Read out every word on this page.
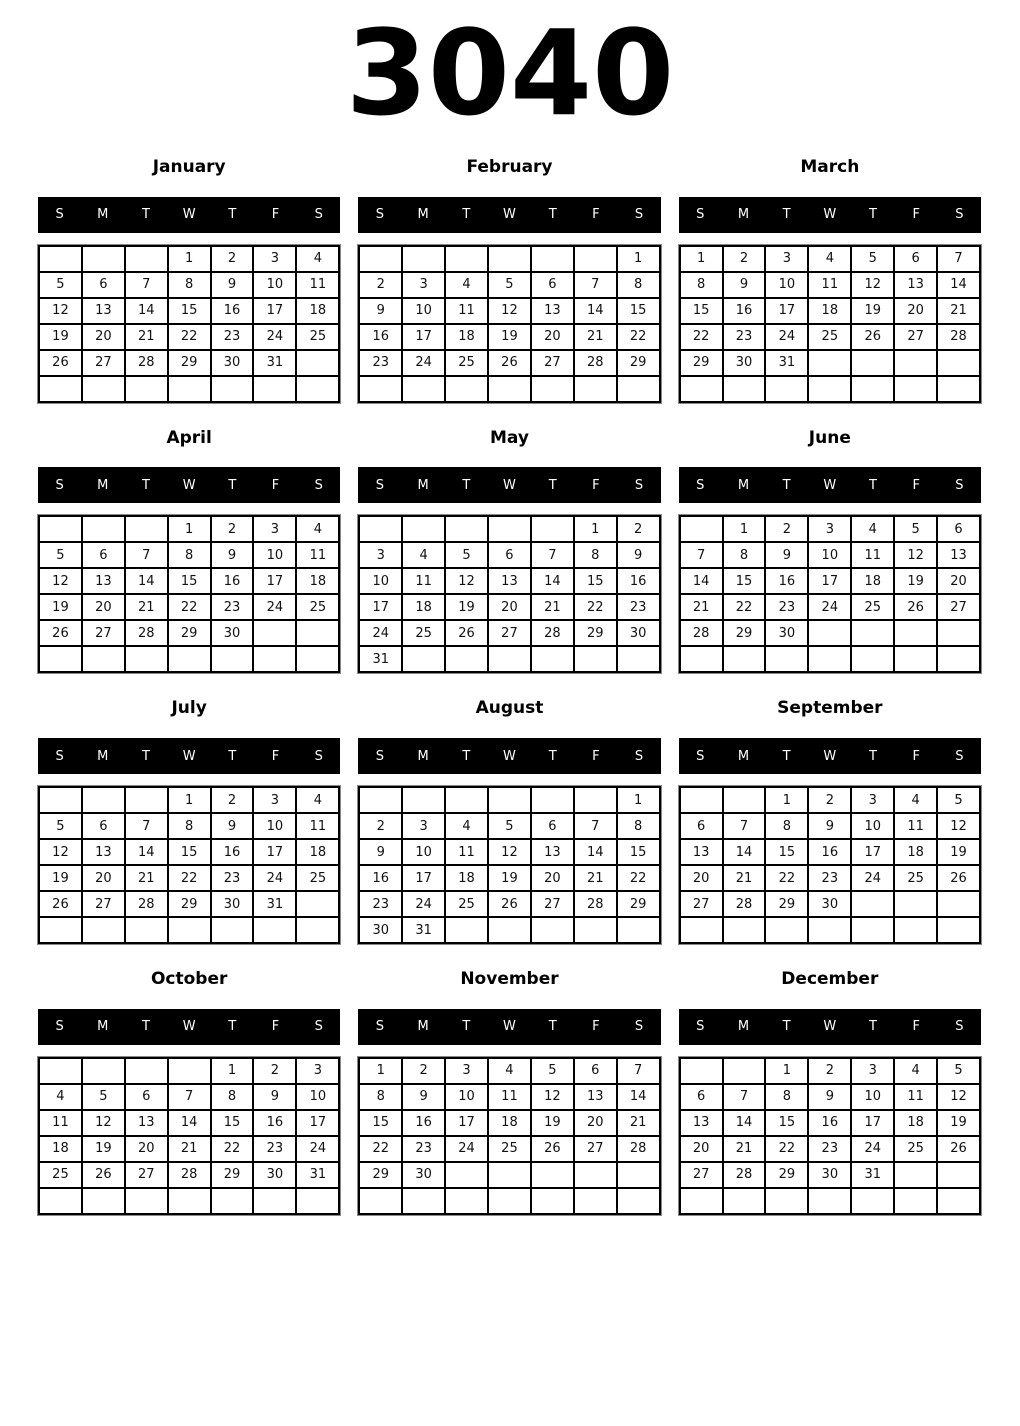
3040
January
S	M	T	W	T	F	S
			1	2	3	4
5	6	7	8	9	10	11
12	13	14	15	16	17	18
19	20	21	22	23	24	25
26	27	28	29	30	31	

February
S	M	T	W	T	F	S
						1
2	3	4	5	6	7	8
9	10	11	12	13	14	15
16	17	18	19	20	21	22
23	24	25	26	27	28	29

March
S	M	T	W	T	F	S
1	2	3	4	5	6	7
8	9	10	11	12	13	14
15	16	17	18	19	20	21
22	23	24	25	26	27	28
29	30	31				

April
S	M	T	W	T	F	S
			1	2	3	4
5	6	7	8	9	10	11
12	13	14	15	16	17	18
19	20	21	22	23	24	25
26	27	28	29	30		

May
S	M	T	W	T	F	S
					1	2
3	4	5	6	7	8	9
10	11	12	13	14	15	16
17	18	19	20	21	22	23
24	25	26	27	28	29	30
31						
June
S	M	T	W	T	F	S
	1	2	3	4	5	6
7	8	9	10	11	12	13
14	15	16	17	18	19	20
21	22	23	24	25	26	27
28	29	30				

July
S	M	T	W	T	F	S
			1	2	3	4
5	6	7	8	9	10	11
12	13	14	15	16	17	18
19	20	21	22	23	24	25
26	27	28	29	30	31	

August
S	M	T	W	T	F	S
						1
2	3	4	5	6	7	8
9	10	11	12	13	14	15
16	17	18	19	20	21	22
23	24	25	26	27	28	29
30	31					
September
S	M	T	W	T	F	S
		1	2	3	4	5
6	7	8	9	10	11	12
13	14	15	16	17	18	19
20	21	22	23	24	25	26
27	28	29	30			

October
S	M	T	W	T	F	S
				1	2	3
4	5	6	7	8	9	10
11	12	13	14	15	16	17
18	19	20	21	22	23	24
25	26	27	28	29	30	31

November
S	M	T	W	T	F	S
1	2	3	4	5	6	7
8	9	10	11	12	13	14
15	16	17	18	19	20	21
22	23	24	25	26	27	28
29	30					

December
S	M	T	W	T	F	S
		1	2	3	4	5
6	7	8	9	10	11	12
13	14	15	16	17	18	19
20	21	22	23	24	25	26
27	28	29	30	31		
